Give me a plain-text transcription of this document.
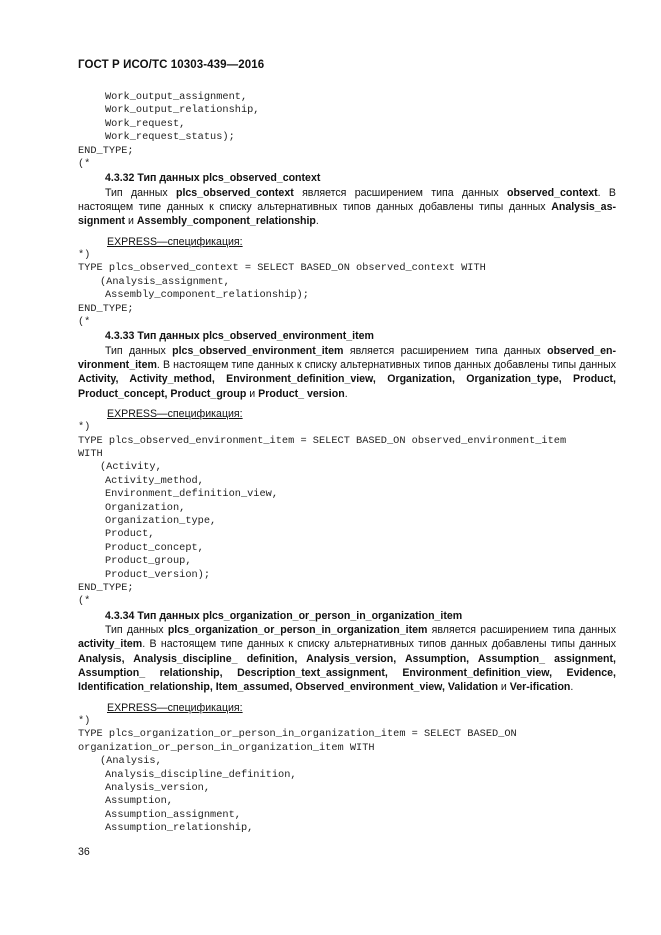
ГОСТ Р ИСО/ТС 10303-439—2016
Work_output_assignment,
Work_output_relationship,
Work_request,
Work_request_status);
END_TYPE;
(*
4.3.32 Тип данных plcs_observed_context
Тип данных plcs_observed_context является расширением типа данных observed_context. В настоящем типе данных к списку альтернативных типов данных добавлены типы данных Analysis_as-signment и Assembly_component_relationship.
EXPRESS—спецификация:
*)
TYPE plcs_observed_context = SELECT BASED_ON observed_context WITH
(Analysis_assignment,
Assembly_component_relationship);
END_TYPE;
(*
4.3.33 Тип данных plcs_observed_environment_item
Тип данных plcs_observed_environment_item является расширением типа данных observed_en-vironment_item. В настоящем типе данных к списку альтернативных типов данных добавлены типы данных Activity, Activity_method, Environment_definition_view, Organization, Organization_type, Product, Product_concept, Product_group и Product_ version.
EXPRESS—спецификация:
*)
TYPE plcs_observed_environment_item = SELECT BASED_ON observed_environment_item
WITH
(Activity,
Activity_method,
Environment_definition_view,
Organization,
Organization_type,
Product,
Product_concept,
Product_group,
Product_version);
END_TYPE;
(*
4.3.34 Тип данных plcs_organization_or_person_in_organization_item
Тип данных plcs_organization_or_person_in_organization_item является расширением типа данных activity_item. В настоящем типе данных к списку альтернативных типов данных добавлены типы данных Analysis, Analysis_discipline_ definition, Analysis_version, Assumption, Assumption_ assignment, Assumption_ relationship, Description_text_assignment, Environment_definition_view, Evidence, Identification_relationship, Item_assumed, Observed_environment_view, Validation и Ver-ification.
EXPRESS—спецификация:
*)
TYPE plcs_organization_or_person_in_organization_item = SELECT BASED_ON
organization_or_person_in_organization_item WITH
(Analysis,
Analysis_discipline_definition,
Analysis_version,
Assumption,
Assumption_assignment,
Assumption_relationship,
36
